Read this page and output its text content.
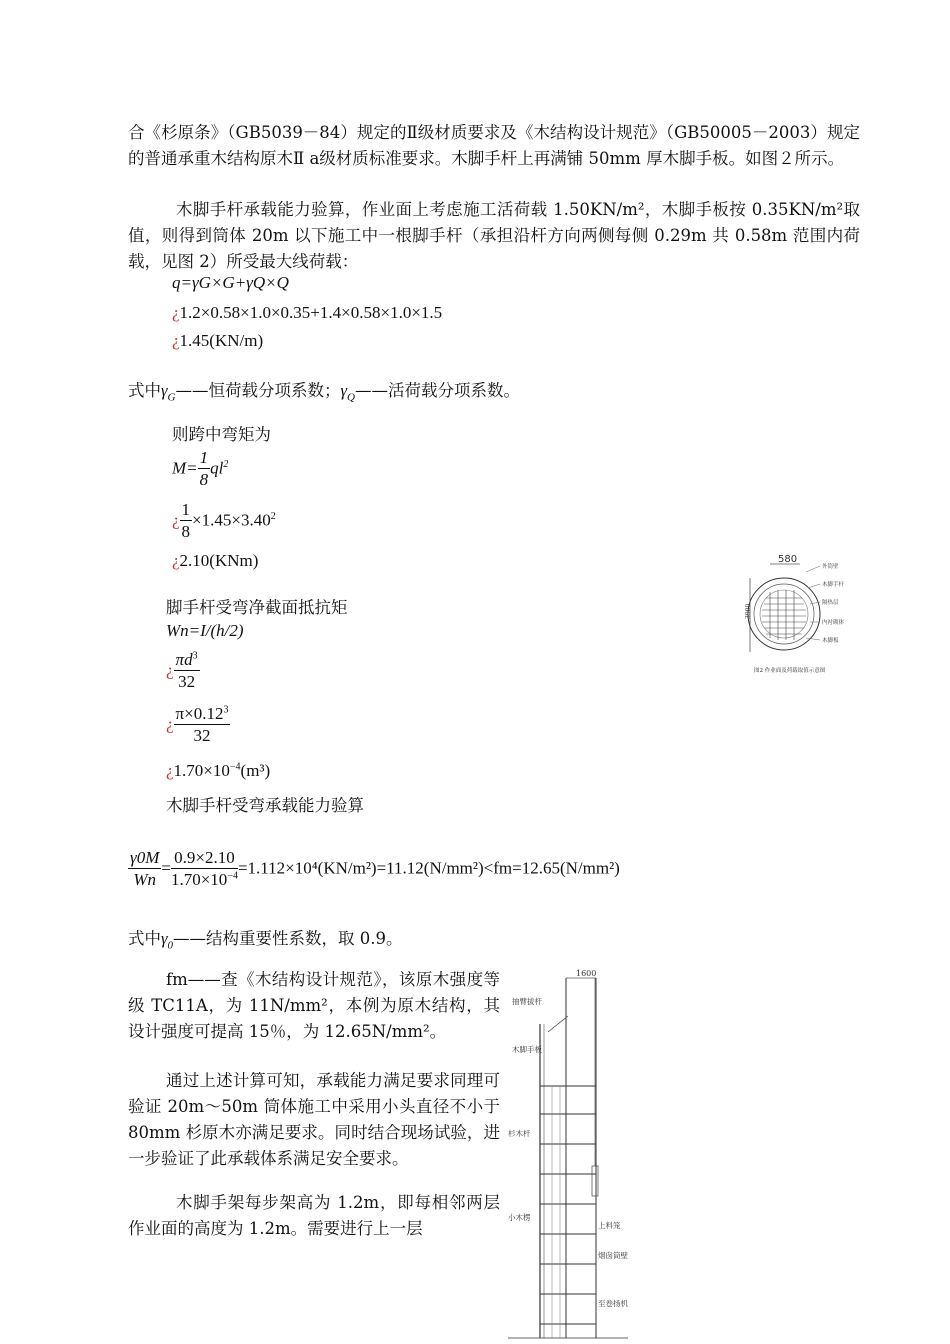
合《杉原条》（GB5039－84）规定的Ⅱ级材质要求及《木结构设计规范》（GB50005－2003）规定的普通承重木结构原木Ⅱ a级材质标准要求。木脚手杆上再满铺 50mm 厚木脚手板。如图２所示。
木脚手杆承载能力验算，作业面上考虑施工活荷载 1.50KN/m²，木脚手板按 0.35KN/m²取值，则得到筒体 20m 以下施工中一根脚手杆（承担沿杆方向两侧每侧 0.29m 共 0.58m 范围内荷载，见图 2）所受最大线荷载：
q=γG×G+γQ×Q
¿1.2×0.58×1.0×0.35+1.4×0.58×1.0×1.5
¿1.45(KN/m)
式中$\gamma_G——$恒荷载分项系数；$\gamma_Q——$活荷载分项系数。
则跨中弯矩为
$M= \frac{1}{8} ql^2$
¿ $\frac{1}{8} \times 1.45\times 3.40^2$
¿2.10(KNm)
脚手杆受弯净截面抵抗矩
Wn=I/(h/2)
¿ $\frac{\pi d^3}{32}$
¿ $\frac{\pi\times 0.12^3}{32}$
¿$1.70\times 10^{-4}(m^3)$
木脚手杆受弯承载能力验算
$\frac{\gamma 0M}{Wn} = \frac{0.9\times 2.10}{1.70\times 10^{-4}} =1.112\times 10^4(KN/m^2)=11.12(N/mm^2)<fm=12.65(N/mm^2)$
式中$\gamma_0——$结构重要性系数，取 0.9。
fm——查《木结构设计规范》，该原木强度等级 TC11A，为 11N/mm²，本例为原木结构，其设计强度可提高 15％，为 12.65N/mm²。
通过上述计算可知，承载能力满足要求同理可验证 20m～50m 筒体施工中采用小头直径不小于 80mm 杉原木亦满足要求。同时结合现场试验，进一步验证了此承载体系满足安全要求。
木脚手架每步架高为 1.2m，即每相邻两层作业面的高度为 1.2m。需要进行上一层
580
3900
外筒壁
木脚手杆
隔热层
内衬砌体
木脚板
图2 作业面及荷载取值示意图
1600
抽臂拔杆
木脚手板
杉木杆
小木楞
上料笼
烟囱筒壁
至卷扬机
